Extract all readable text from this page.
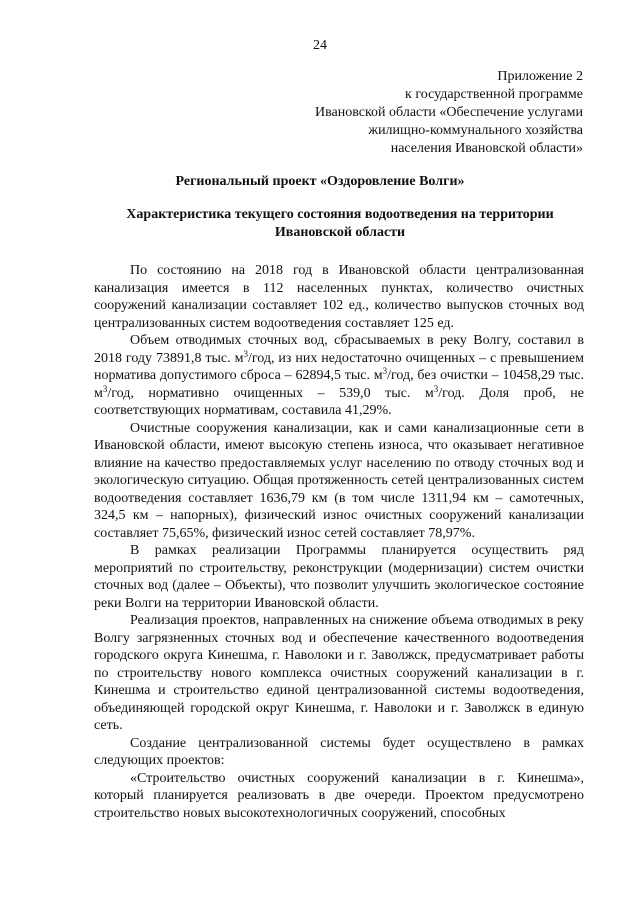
24

Приложение 2
к государственной программе
Ивановской области «Обеспечение услугами
жилищно-коммунального хозяйства
населения Ивановской области»
Региональный проект «Оздоровление Волги»
Характеристика текущего состояния водоотведения на территории Ивановской области

По состоянию на 2018 год в Ивановской области централизованная канализация имеется в 112 населенных пунктах, количество очистных сооружений канализации составляет 102 ед., количество выпусков сточных вод централизованных систем водоотведения составляет 125 ед.

Объем отводимых сточных вод, сбрасываемых в реку Волгу, составил в 2018 году 73891,8 тыс. $м^3$/год, из них недостаточно очищенных – с превышением норматива допустимого сброса – 62894,5 тыс. $м^3$/год, без очистки – 10458,29 тыс. $м^3$/год, нормативно очищенных – 539,0 тыс. $м^3$/год. Доля проб, не соответствующих нормативам, составила 41,29%.

Очистные сооружения канализации, как и сами канализационные сети в Ивановской области, имеют высокую степень износа, что оказывает негативное влияние на качество предоставляемых услуг населению по отводу сточных вод и экологическую ситуацию. Общая протяженность сетей централизованных систем водоотведения составляет 1636,79 км (в том числе 1311,94 км – самотечных, 324,5 км – напорных), физический износ очистных сооружений канализации составляет 75,65%, физический износ сетей составляет 78,97%.

В рамках реализации Программы планируется осуществить ряд мероприятий по строительству, реконструкции (модернизации) систем очистки сточных вод (далее – Объекты), что позволит улучшить экологическое состояние реки Волги на территории Ивановской области.

Реализация проектов, направленных на снижение объема отводимых в реку Волгу загрязненных сточных вод и обеспечение качественного водоотведения городского округа Кинешма, г. Наволоки и г. Заволжск, предусматривает работы по строительству нового комплекса очистных сооружений канализации в г. Кинешма и строительство единой централизованной системы водоотведения, объединяющей городской округ Кинешма, г. Наволоки и г. Заволжск в единую сеть.

Создание централизованной системы будет осуществлено в рамках следующих проектов:

«Строительство очистных сооружений канализации в г. Кинешма», который планируется реализовать в две очереди. Проектом предусмотрено строительство новых высокотехнологичных сооружений, способных
